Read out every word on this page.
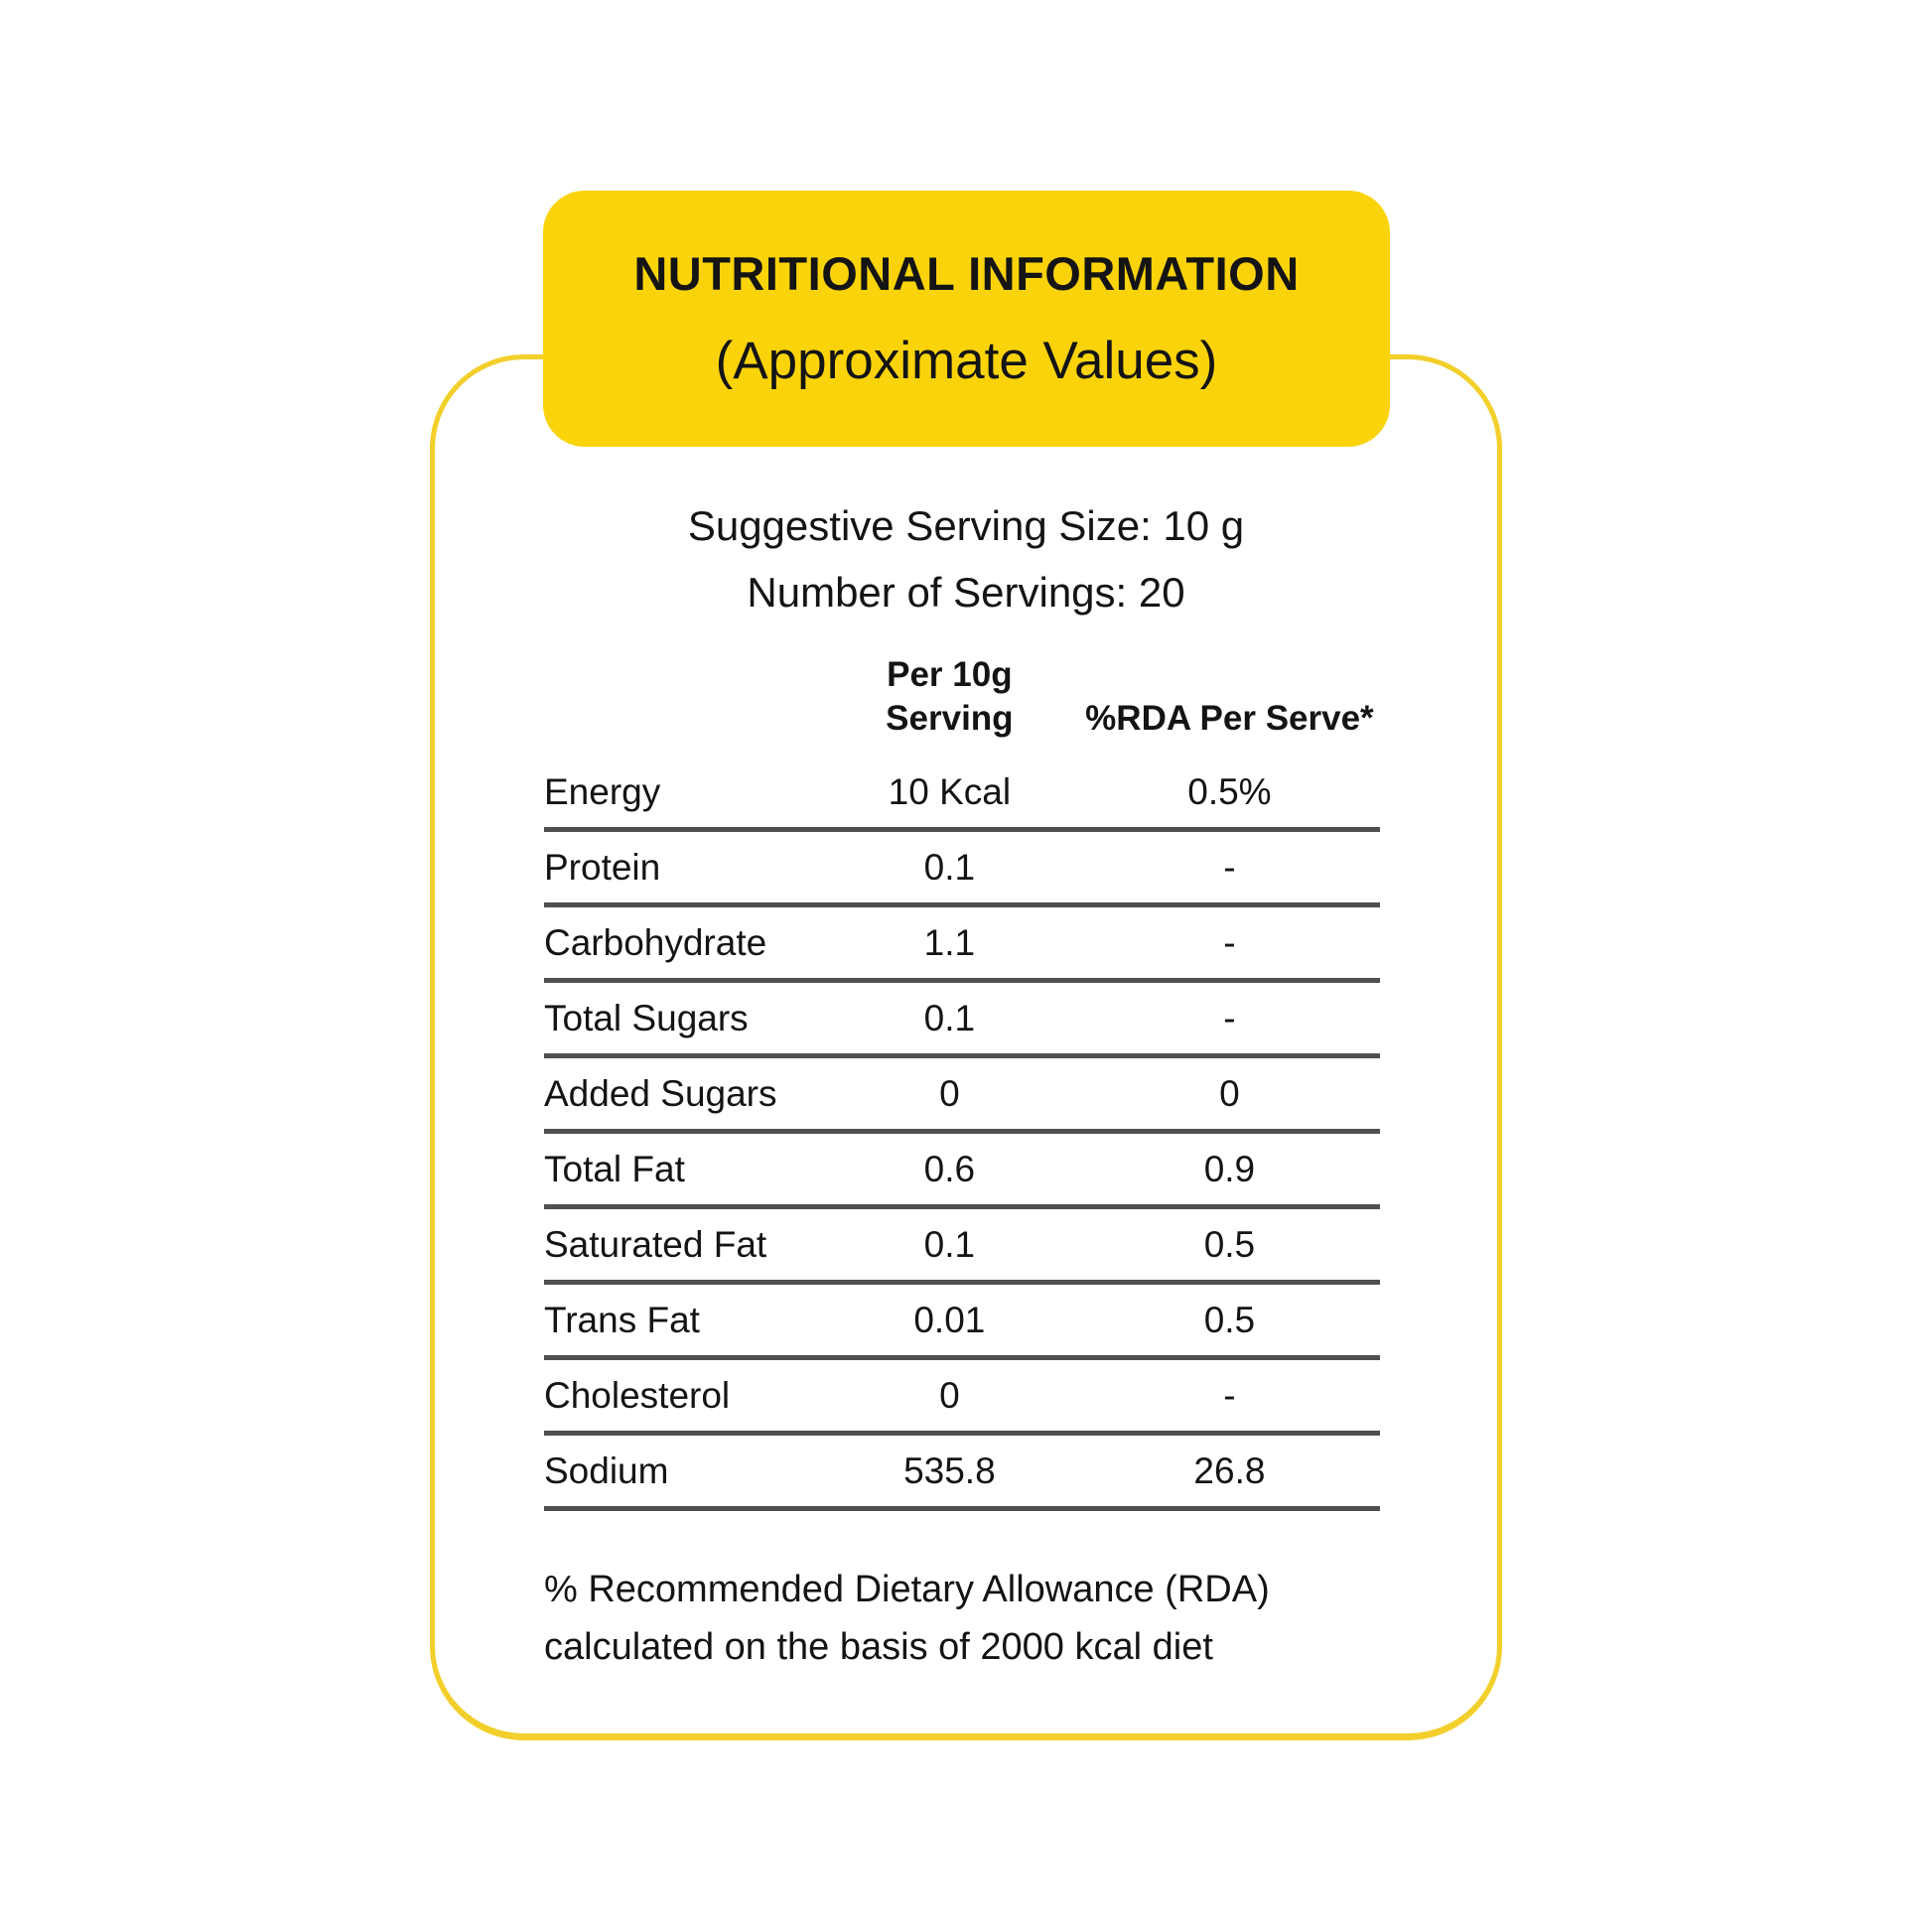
NUTRITIONAL INFORMATION
(Approximate Values)
Suggestive Serving Size: 10 g
Number of Servings: 20
Per 10g
Serving	%RDA Per Serve*
Energy	10 Kcal	0.5%
Protein	0.1	-
Carbohydrate	1.1	-
Total Sugars	0.1	-
Added Sugars	0	0
Total Fat	0.6	0.9
Saturated Fat	0.1	0.5
Trans Fat	0.01	0.5
Cholesterol	0	-
Sodium	535.8	26.8
% Recommended Dietary Allowance (RDA)
calculated on the basis of 2000 kcal diet
